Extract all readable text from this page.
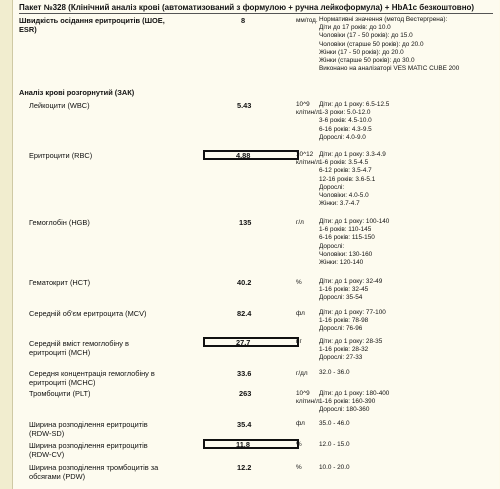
Пакет №328 (Клінічний аналіз крові (автоматизований з формулою + ручна лейкоформула) + HbA1c безкоштовно)
Швидкість осідання еритроцитів (ШОЕ,
ESR)
8	мм/год. Нормативні значення (метод Вестергрена):
Діти до 17 років: до 10.0
Чоловіки (17 - 50 років): до 15.0
Чоловіки (старше 50 років): до 20.0
Жінки (17 - 50 років): до 20.0
Жінки (старше 50 років): до 30.0
Виконано на аналізаторі VES MATIC CUBE 200
Аналіз крові розгорнутий (ЗАК)
Лейкоцити (WBC)	5.43	10^9
клітин/л
Діти: до 1 року: 6.5-12.5
1-3 роки: 5.0-12.0
3-6 років: 4.5-10.0
6-16 років: 4.3-9.5
Дорослі: 4.0-9.0
Еритроцити (RBC)	4.88	10^12
клітин/л
Діти: до 1 року: 3.3-4.9
1-6 років: 3.5-4.5
6-12 років: 3.5-4.7
12-16 років: 3.6-5.1
Дорослі:
Чоловіки: 4.0-5.0
Жінки: 3.7-4.7
Гемоглобін (HGB)	135	г/л Діти: до 1 року: 100-140
1-6 років: 110-145
6-16 років: 115-150
Дорослі:
Чоловіки: 130-160
Жінки: 120-140
Гематокрит (HCT)	40.2	%	Діти: до 1 року: 32-49
1-16 років: 32-45
Дорослі: 35-54
Середній об'єм еритроцита (MCV)	82.4	фл Діти: до 1 року: 77-100
1-16 років: 78-98
Дорослі: 76-96
Середній вміст гемоглобіну в
еритроциті (MCH)
27.7	пг	Діти: до 1 року: 28-35
1-16 років: 28-32
Дорослі: 27-33
Середня концентрація гемоглобіну в
еритроциті (MCHC)
33.6	г/дл 32.0 - 36.0
Тромбоцити (PLT)	263	10^9
клітин/л
Діти: до 1 року: 180-400
1-16 років: 160-390
Дорослі: 180-360
Ширина розподілення еритроцитів
(RDW-SD)
35.4	фл 35.0 - 46.0
Ширина розподілення еритроцитів
(RDW-CV)
11.8	%	12.0 - 15.0
Ширина розподілення тромбоцитів за
обсягами (PDW)
12.2	%	10.0 - 20.0
